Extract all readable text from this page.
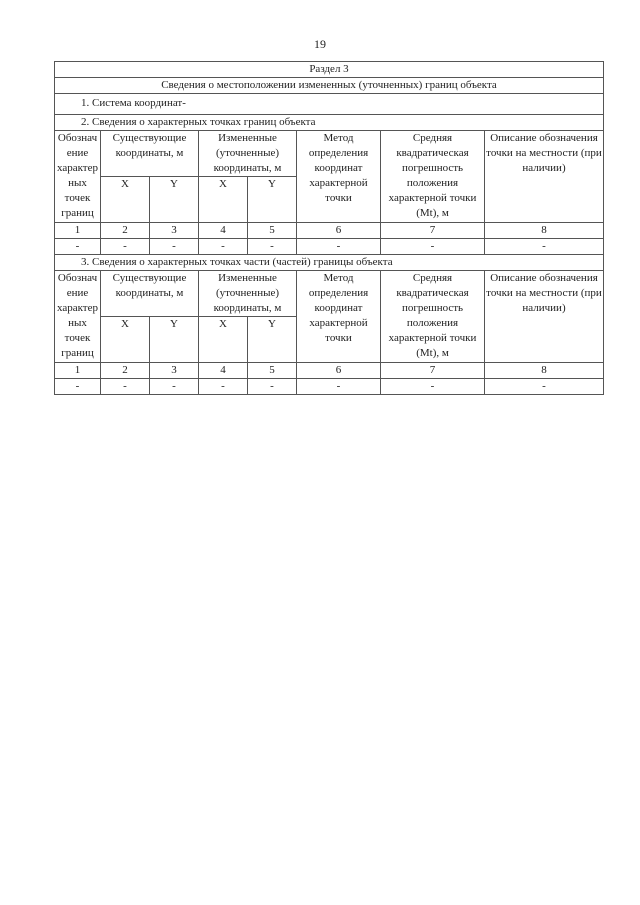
19
Раздел 3							
Сведения о местоположении измененных (уточненных) границ объекта							
1. Система координат-							
2. Сведения о характерных точках границ объекта							
Обозначение характерных точек границ	Существующие координаты, м		Измененные (уточненные) координаты, м		Метод определения координат характерной точки	Средняя квадратическая погрешность положения характерной точки (Mt), м	Описание обозначения точки на местности (при наличии)
	X	Y	X	Y			
1	2	3	4	5	6	7	8
-	-	-	-	-	-	-	-
3. Сведения о характерных точках части (частей) границы объекта							
Обозначение характерных точек границ	Существующие координаты, м		Измененные (уточненные) координаты, м		Метод определения координат характерной точки	Средняя квадратическая погрешность положения характерной точки (Mt), м	Описание обозначения точки на местности (при наличии)
	X	Y	X	Y			
1	2	3	4	5	6	7	8
-	-	-	-	-	-	-	-
